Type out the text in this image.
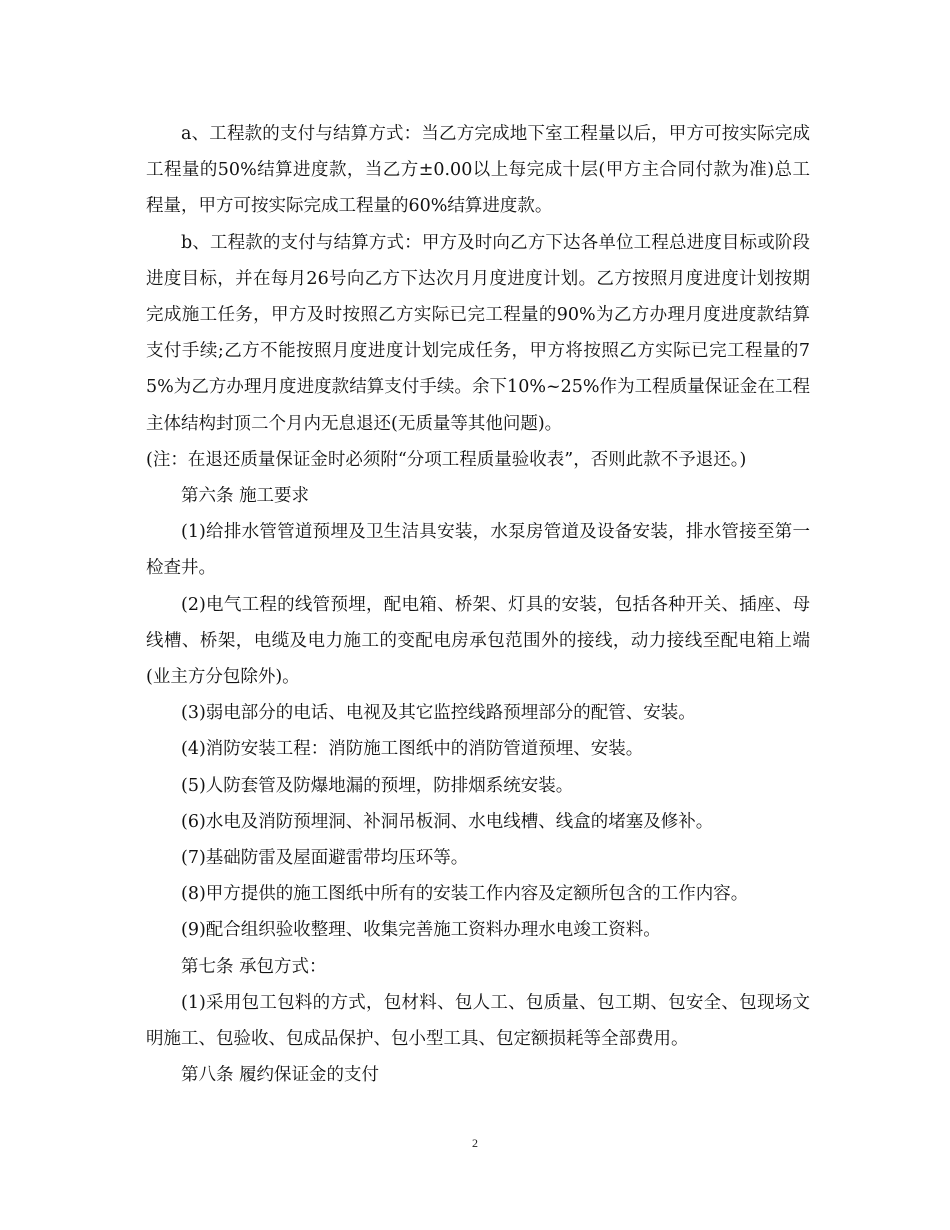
a、工程款的支付与结算方式：当乙方完成地下室工程量以后，甲方可按实际完成工程量的50%结算进度款，当乙方±0.00以上每完成十层(甲方主合同付款为准)总工程量，甲方可按实际完成工程量的60%结算进度款。

b、工程款的支付与结算方式：甲方及时向乙方下达各单位工程总进度目标或阶段进度目标，并在每月26号向乙方下达次月月度进度计划。乙方按照月度进度计划按期完成施工任务，甲方及时按照乙方实际已完工程量的90%为乙方办理月度进度款结算支付手续;乙方不能按照月度进度计划完成任务，甲方将按照乙方实际已完工程量的75%为乙方办理月度进度款结算支付手续。余下10%~25%作为工程质量保证金在工程主体结构封顶二个月内无息退还(无质量等其他问题)。

(注：在退还质量保证金时必须附“分项工程质量验收表”，否则此款不予退还。)

第六条 施工要求

(1)给排水管管道预埋及卫生洁具安装，水泵房管道及设备安装，排水管接至第一检查井。

(2)电气工程的线管预埋，配电箱、桥架、灯具的安装，包括各种开关、插座、母线槽、桥架，电缆及电力施工的变配电房承包范围外的接线，动力接线至配电箱上端(业主方分包除外)。

(3)弱电部分的电话、电视及其它监控线路预埋部分的配管、安装。

(4)消防安装工程：消防施工图纸中的消防管道预埋、安装。

(5)人防套管及防爆地漏的预埋，防排烟系统安装。

(6)水电及消防预埋洞、补洞吊板洞、水电线槽、线盒的堵塞及修补。

(7)基础防雷及屋面避雷带均压环等。

(8)甲方提供的施工图纸中所有的安装工作内容及定额所包含的工作内容。

(9)配合组织验收整理、收集完善施工资料办理水电竣工资料。

第七条 承包方式：

(1)采用包工包料的方式，包材料、包人工、包质量、包工期、包安全、包现场文明施工、包验收、包成品保护、包小型工具、包定额损耗等全部费用。

第八条 履约保证金的支付

2
